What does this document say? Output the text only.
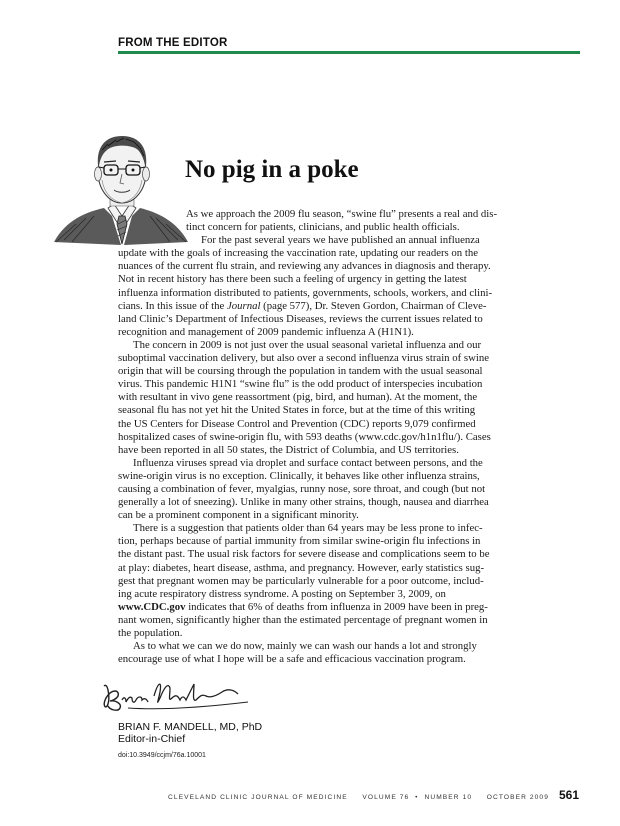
FROM THE EDITOR
No pig in a poke
As we approach the 2009 flu season, “swine flu” presents a real and dis-
tinct concern for patients, clinicians, and public health officials.
For the past several years we have published an annual influenza
update with the goals of increasing the vaccination rate, updating our readers on the
nuances of the current flu strain, and reviewing any advances in diagnosis and therapy.
Not in recent history has there been such a feeling of urgency in getting the latest
influenza information distributed to patients, governments, schools, workers, and clini-
cians. In this issue of the Journal (page 577), Dr. Steven Gordon, Chairman of Cleve-
land Clinic’s Department of Infectious Diseases, reviews the current issues related to
recognition and management of 2009 pandemic influenza A (H1N1).
The concern in 2009 is not just over the usual seasonal varietal influenza and our
suboptimal vaccination delivery, but also over a second influenza virus strain of swine
origin that will be coursing through the population in tandem with the usual seasonal
virus. This pandemic H1N1 “swine flu” is the odd product of interspecies incubation
with resultant in vivo gene reassortment (pig, bird, and human). At the moment, the
seasonal flu has not yet hit the United States in force, but at the time of this writing
the US Centers for Disease Control and Prevention (CDC) reports 9,079 confirmed
hospitalized cases of swine-origin flu, with 593 deaths (www.cdc.gov/h1n1flu/). Cases
have been reported in all 50 states, the District of Columbia, and US territories.
Influenza viruses spread via droplet and surface contact between persons, and the
swine-origin virus is no exception. Clinically, it behaves like other influenza strains,
causing a combination of fever, myalgias, runny nose, sore throat, and cough (but not
generally a lot of sneezing). Unlike in many other strains, though, nausea and diarrhea
can be a prominent component in a significant minority.
There is a suggestion that patients older than 64 years may be less prone to infec-
tion, perhaps because of partial immunity from similar swine-origin flu infections in
the distant past. The usual risk factors for severe disease and complications seem to be
at play: diabetes, heart disease, asthma, and pregnancy. However, early statistics sug-
gest that pregnant women may be particularly vulnerable for a poor outcome, includ-
ing acute respiratory distress syndrome. A posting on September 3, 2009, on
www.CDC.gov indicates that 6% of deaths from influenza in 2009 have been in preg-
nant women, significantly higher than the estimated percentage of pregnant women in
the population.
As to what we can we do now, mainly we can wash our hands a lot and strongly
encourage use of what I hope will be a safe and efficacious vaccination program.
BRIAN F. MANDELL, MD, PhD
Editor-in-Chief
doi:10.3949/ccjm/76a.10001
CLEVELAND CLINIC JOURNAL OF MEDICINE VOLUME 76  •  NUMBER 10 OCTOBER 2009 561
